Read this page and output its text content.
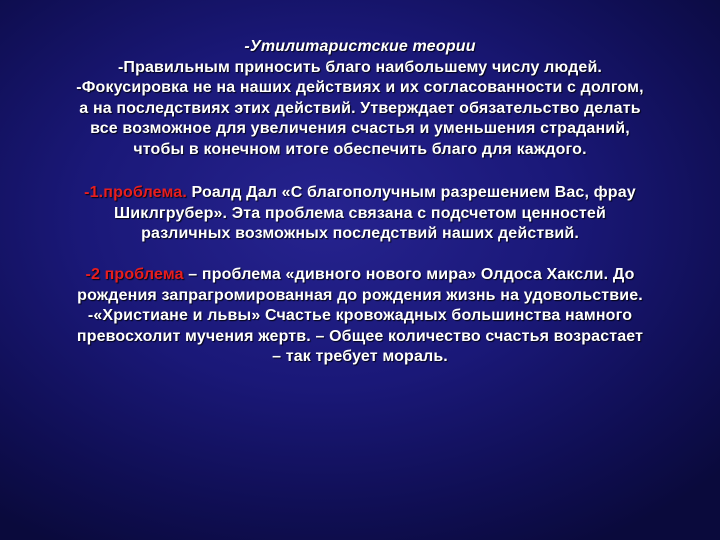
-Утилитаристские теории
-Правильным приносить благо наибольшему числу людей.
-Фокусировка не на наших действиях и их согласованности с долгом,
а на последствиях этих действий. Утверждает обязательство делать
все возможное для увеличения счастья и уменьшения страданий,
чтобы в конечном итоге обеспечить благо для каждого.
-1.проблема. Роалд Дал «С благополучным разрешением Вас, фрау
Шиклгрубер». Эта проблема связана с подсчетом ценностей
различных возможных последствий наших действий.
-2 проблема – проблема «дивного нового мира» Олдоса Хаксли. До
рождения запрагромированная до рождения жизнь на удовольствие.
-«Христиане и львы» Счастье кровожадных большинства намного
превосхолит мучения жертв. – Общее количество счастья возрастает
– так требует мораль.
